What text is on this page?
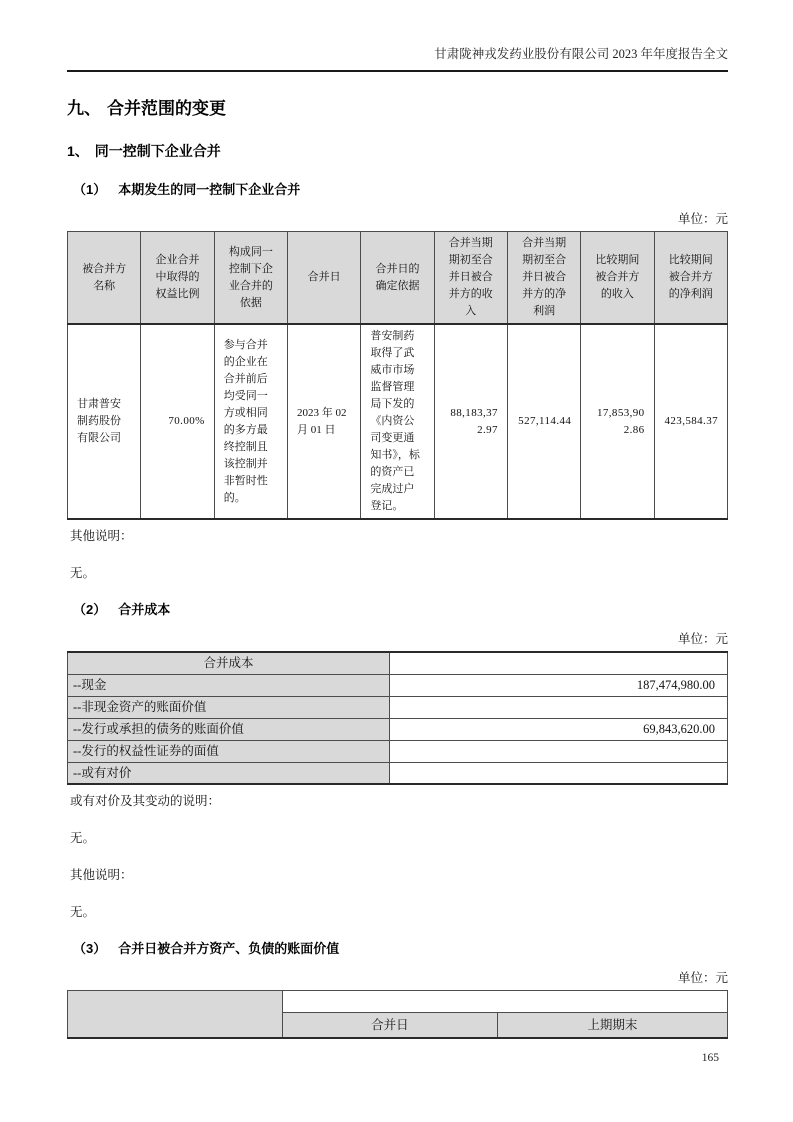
甘肃陇神戎发药业股份有限公司 2023 年年度报告全文
九、 合并范围的变更
1、 同一控制下企业合并
（1） 本期发生的同一控制下企业合并
单位：元
被合并方名称	企业合并中取得的权益比例	构成同一控制下企业合并的依据	合并日	合并日的确定依据	合并当期期初至合并日被合并方的收入	合并当期期初至合并日被合并方的净利润	比较期间被合并方的收入	比较期间被合并方的净利润
甘肃普安制药股份有限公司	70.00%	参与合并的企业在合并前后均受同一方或相同的多方最终控制且该控制并非暂时性的。	2023 年 02 月 01 日	普安制药取得了武威市市场监督管理局下发的《内资公司变更通知书》，标的资产已完成过户登记。	88,183,372.97	527,114.44	17,853,902.86	423,584.37
其他说明：
无。
（2） 合并成本
单位：元
合并成本	
--现金	187,474,980.00
--非现金资产的账面价值	
--发行或承担的债务的账面价值	69,843,620.00
--发行的权益性证券的面值	
--或有对价	
或有对价及其变动的说明：
无。
其他说明：
无。
（3） 合并日被合并方资产、负债的账面价值
单位：元

	合并日	上期期末
165
